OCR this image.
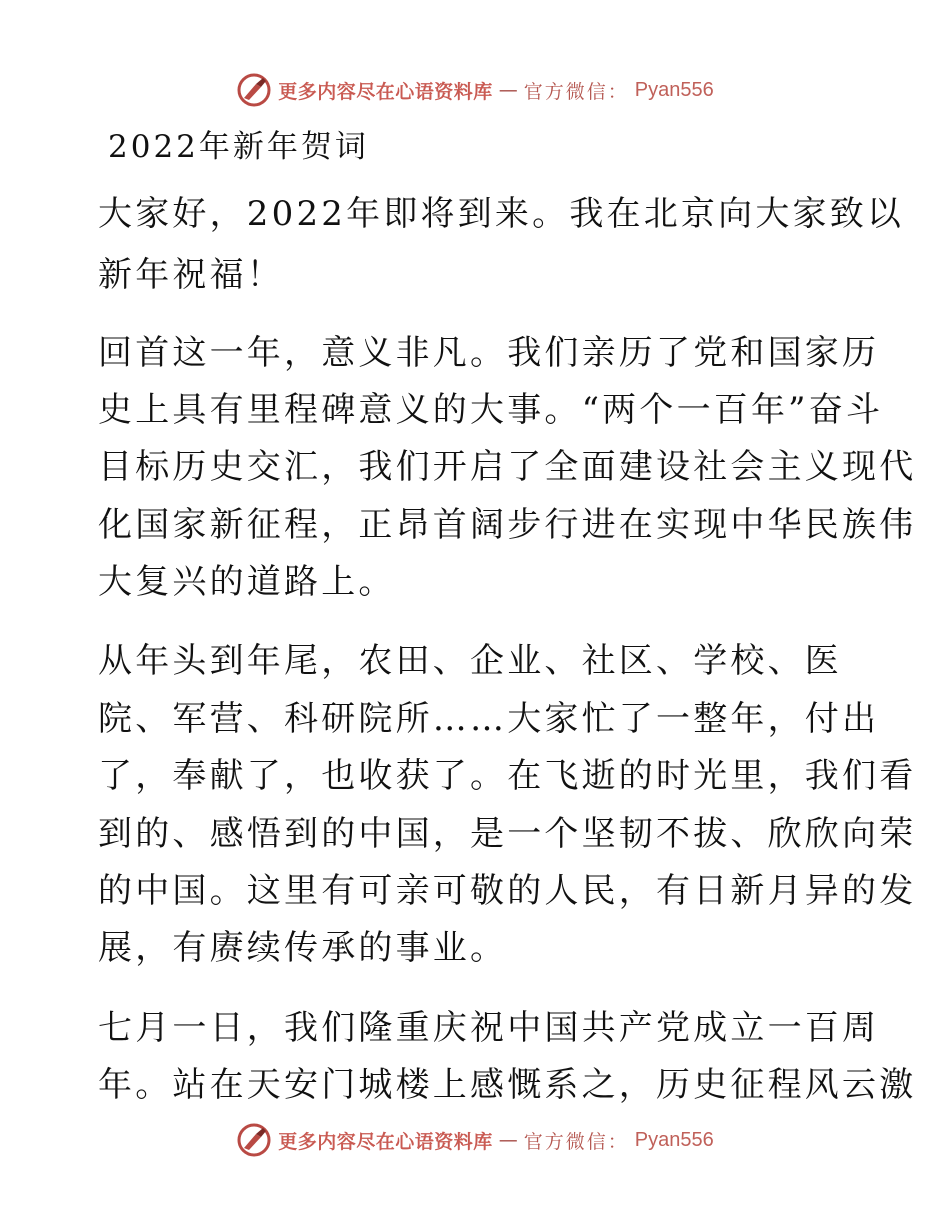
更多内容尽在心语资料库 — 官方微信： Pyan556
2022年新年贺词
大家好，2022年即将到来。我在北京向大家致以
新年祝福！
回首这一年，意义非凡。我们亲历了党和国家历
史上具有里程碑意义的大事。“两个一百年”奋斗
目标历史交汇，我们开启了全面建设社会主义现代
化国家新征程，正昂首阔步行进在实现中华民族伟
大复兴的道路上。
从年头到年尾，农田、企业、社区、学校、医
院、军营、科研院所……大家忙了一整年，付出
了，奉献了，也收获了。在飞逝的时光里，我们看
到的、感悟到的中国，是一个坚韧不拔、欣欣向荣
的中国。这里有可亲可敬的人民，有日新月异的发
展，有赓续传承的事业。
七月一日，我们隆重庆祝中国共产党成立一百周
年。站在天安门城楼上感慨系之，历史征程风云激
更多内容尽在心语资料库 — 官方微信： Pyan556
